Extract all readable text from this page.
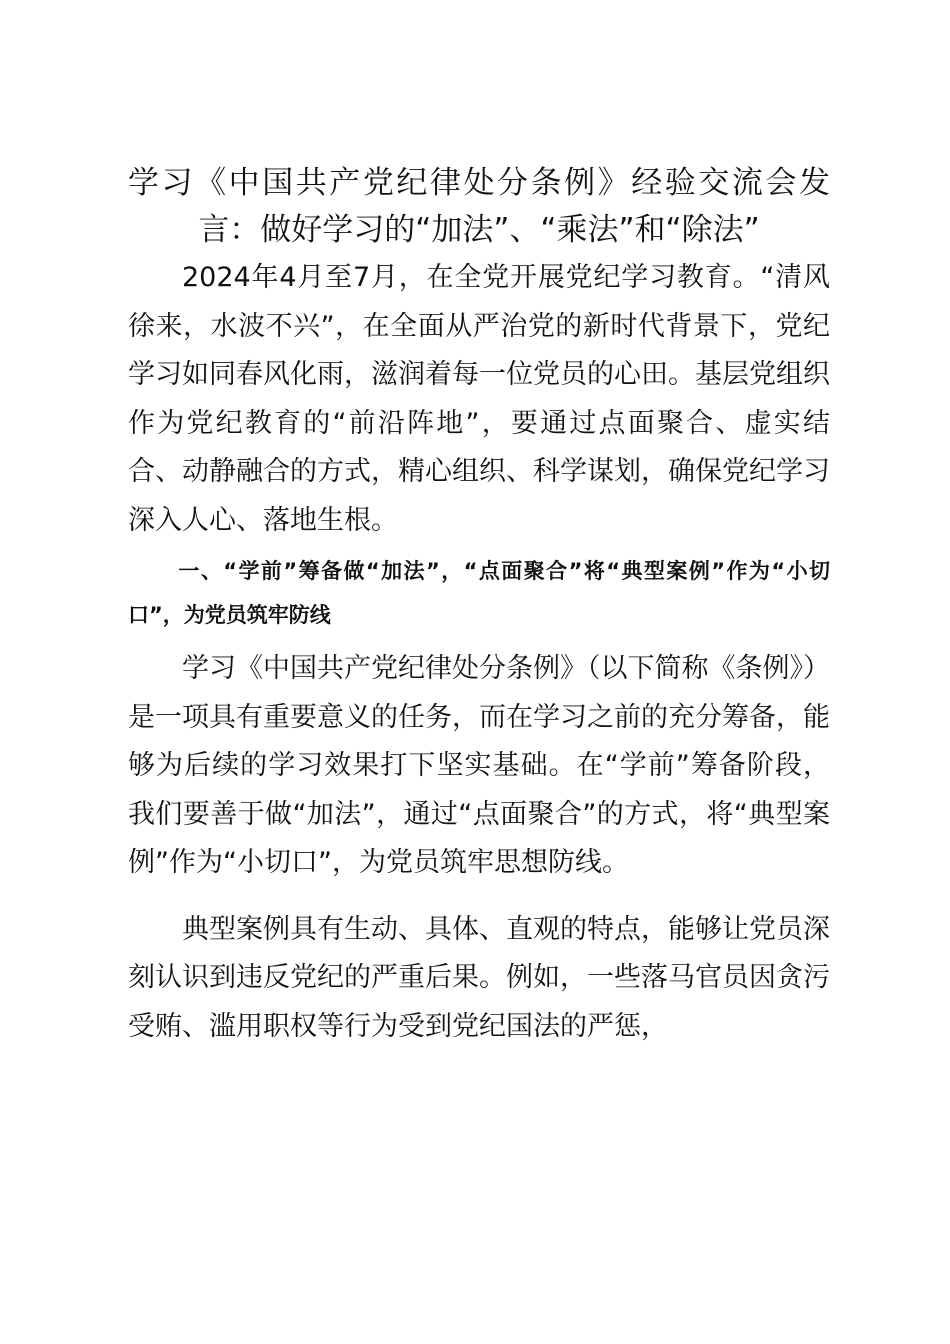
学习《中国共产党纪律处分条例》经验交流会发言：做好学习的“加法”、“乘法”和“除法”

2024年4月至7月，在全党开展党纪学习教育。“清风徐来，水波不兴”，在全面从严治党的新时代背景下，党纪学习如同春风化雨，滋润着每一位党员的心田。基层党组织作为党纪教育的“前沿阵地”，要通过点面聚合、虚实结合、动静融合的方式，精心组织、科学谋划，确保党纪学习深入人心、落地生根。

一、“学前”筹备做“加法”，“点面聚合”将“典型案例”作为“小切口”，为党员筑牢防线

学习《中国共产党纪律处分条例》（以下简称《条例》）是一项具有重要意义的任务，而在学习之前的充分筹备，能够为后续的学习效果打下坚实基础。在“学前”筹备阶段，我们要善于做“加法”，通过“点面聚合”的方式，将“典型案例”作为“小切口”，为党员筑牢思想防线。

典型案例具有生动、具体、直观的特点，能够让党员深刻认识到违反党纪的严重后果。例如，一些落马官员因贪污受贿、滥用职权等行为受到党纪国法的严惩，
